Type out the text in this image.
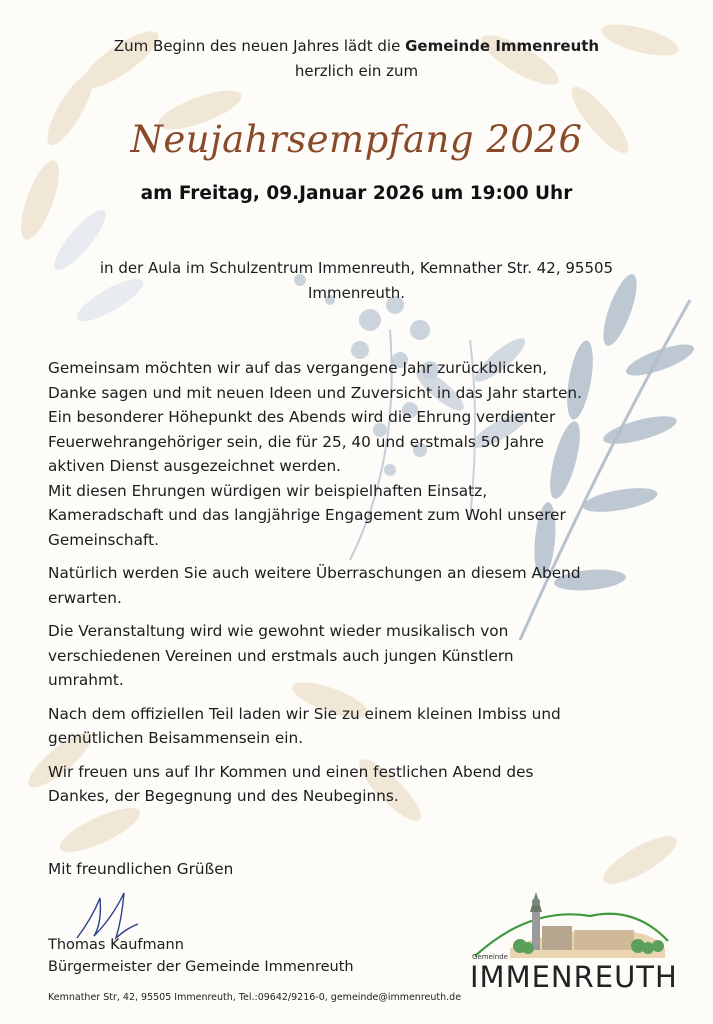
Zum Beginn des neuen Jahres lädt die Gemeinde Immenreuth
herzlich ein zum
Neujahrsempfang 2026
am Freitag, 09.Januar 2026 um 19:00 Uhr
in der Aula im Schulzentrum Immenreuth, Kemnather Str. 42, 95505
Immenreuth.

Gemeinsam möchten wir auf das vergangene Jahr zurückblicken,
Danke sagen und mit neuen Ideen und Zuversicht in das Jahr starten.
Ein besonderer Höhepunkt des Abends wird die Ehrung verdienter
Feuerwehrangehöriger sein, die für 25, 40 und erstmals 50 Jahre
aktiven Dienst ausgezeichnet werden.
Mit diesen Ehrungen würdigen wir beispielhaften Einsatz,
Kameradschaft und das langjährige Engagement zum Wohl unserer
Gemeinschaft.

Natürlich werden Sie auch weitere Überraschungen an diesem Abend
erwarten.

Die Veranstaltung wird wie gewohnt wieder musikalisch von
verschiedenen Vereinen und erstmals auch jungen Künstlern
umrahmt.

Nach dem offiziellen Teil laden wir Sie zu einem kleinen Imbiss und
gemütlichen Beisammensein ein.

Wir freuen uns auf Ihr Kommen und einen festlichen Abend des
Dankes, der Begegnung und des Neubeginns.

Mit freundlichen Grüßen
Thomas Kaufmann
Bürgermeister der Gemeinde Immenreuth
Kemnather Str, 42, 95505 Immenreuth, Tel.:09642/9216-0, gemeinde@immenreuth.de
Gemeinde
IMMENREUTH
